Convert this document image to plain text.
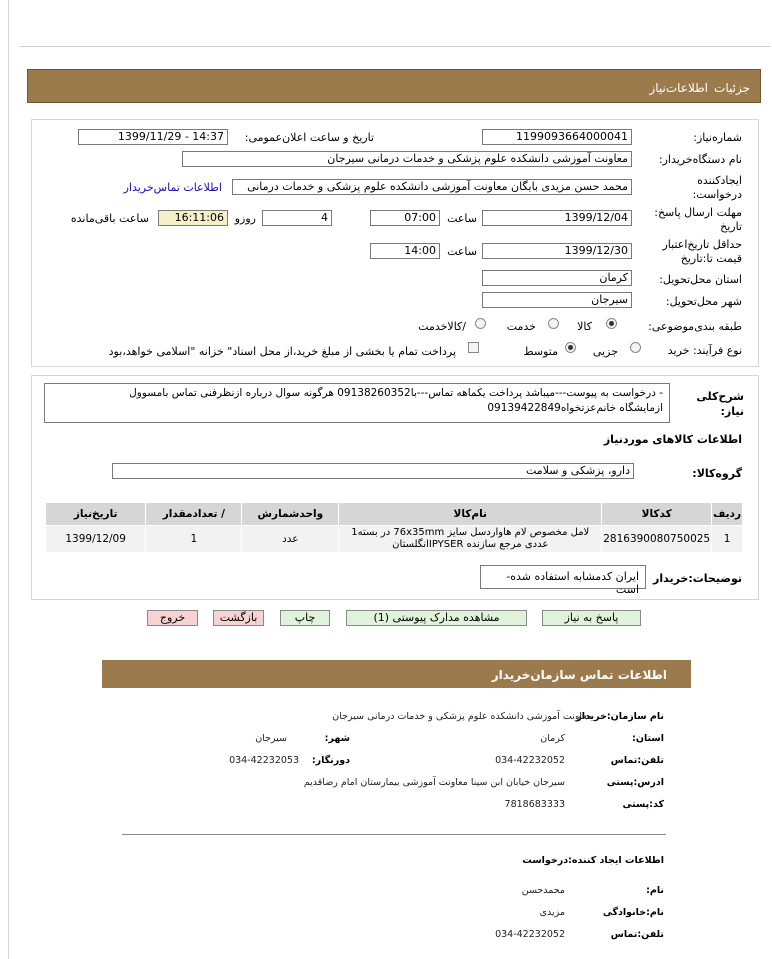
جزئیات
اطلاعات‌نیاز
شماره‌نیاز:
1199093664000041
تاریخ و ساعت اعلان‌عمومی:
1399/11/29 - 14:37
نام دستگاه‌خریدار:
معاونت آموزشی دانشکده علوم پزشکی و خدمات درمانی سیرجان
ایجادکننده
درخواست:
محمد حسن مزیدی بایگان معاونت آموزشی دانشکده علوم پزشکی و خدمات درمانی
اطلاعات تماس‌خریدار
مهلت ارسال پاسخ:
تاریخ
1399/12/04
ساعت
07:00
4
روزو
16:11:06
ساعت باقی‌مانده
حداقل تاریخ‌اعتبار
قیمت تا:تاریخ
1399/12/30
ساعت
14:00
استان محل‌تحویل:
کرمان
شهر محل‌تحویل:
سیرجان
طبقه بندی‌موضوعی:
کالا
خدمت
/کالاخدمت
نوع فرآیند: خرید
جزیی
متوسط
پرداخت تمام یا بخشی از مبلغ خرید،از محل اسناد" خزانه "اسلامی خواهد،بود
شرح‌کلی
نیاز:
- درخواست به پیوست---میباشد پرداخت یکماهه تماس---با09138260352 هرگونه سوال درباره ازنظرفنی تماس بامسوول
ازمایشگاه خانم‌عزتخواه09139422849
اطلاعات کالاهای موردنیاز
گروه‌کالا:
دارو، پزشکی و سلامت
ردیف	کدکالا	نام‌کالا	واحدشمارش	/ تعدادمقدار	تاریخ‌نیاز
1	2816390080750025	لامل مخصوص لام هاواردسل سایز 76x35mm در بسته1
عددی مرجع سازنده IPYSERانگلستان	عدد	1	1399/12/09
توضیحات:خریدار
ایران کدمشابه استفاده شده-است
پاسخ به نیاز
مشاهده مدارک پیوستی (1)
چاپ
بازگشت
خروج
اطلاعات تماس سازمان‌خریدار
نام سازمان:خریدار
معاونت آموزشی دانشکده علوم پزشکی و خدمات درمانی سیرجان
استان:
کرمان
شهر:
سیرجان
تلفن‌:تماس
034-42232052
دورنگار:
034-42232053
ادرس‌:پستی
سیرجان خیابان ابن سینا معاونت آموزشی بیمارستان امام رضاقدیم
کد:پستی
7818683333
اطلاعات ایجاد کننده:درخواست
نام:
محمدحسن
نام‌:خانوادگی
مزیدی
تلفن‌:تماس
034-42232052
